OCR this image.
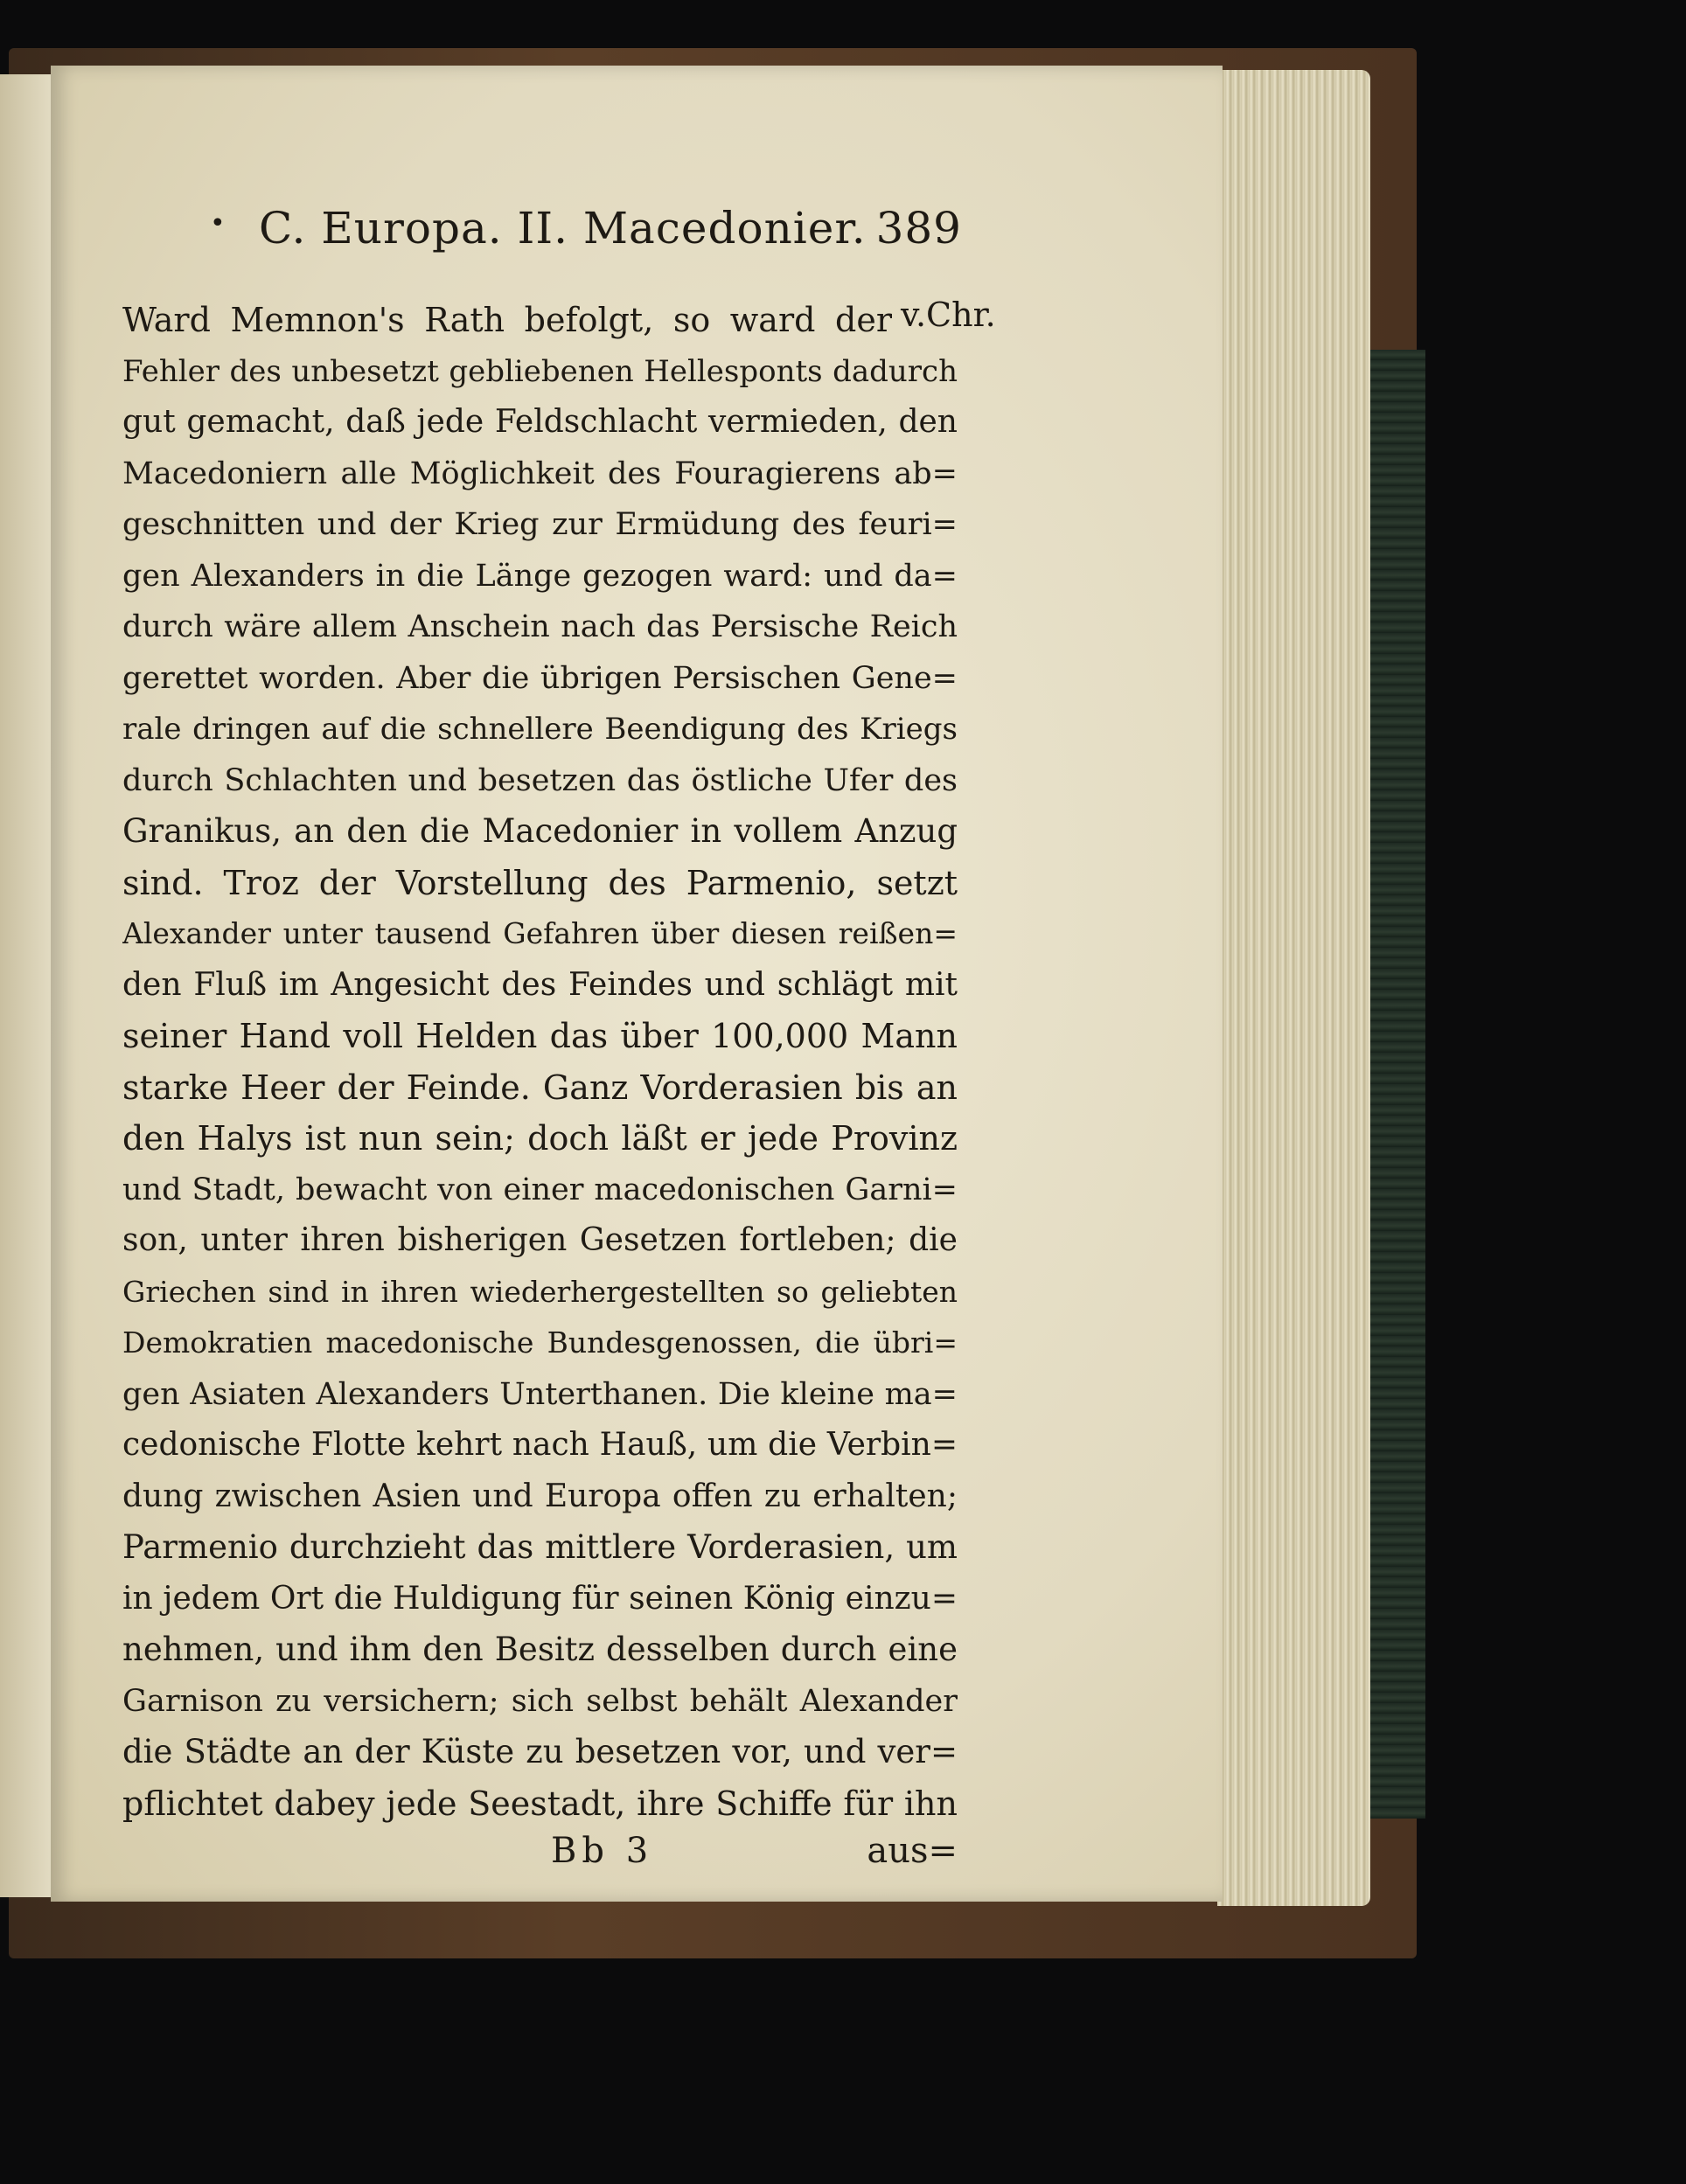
• C. Europa. II. Macedonier. 389
v.Chr.
Ward Memnon's Rath befolgt, so ward der
Fehler des unbesetzt gebliebenen Hellesponts dadurch
gut gemacht, daß jede Feldschlacht vermieden, den
Macedoniern alle Möglichkeit des Fouragierens ab=
geschnitten und der Krieg zur Ermüdung des feuri=
gen Alexanders in die Länge gezogen ward: und da=
durch wäre allem Anschein nach das Persische Reich
gerettet worden. Aber die übrigen Persischen Gene=
rale dringen auf die schnellere Beendigung des Kriegs
durch Schlachten und besetzen das östliche Ufer des
Granikus, an den die Macedonier in vollem Anzug
sind. Troz der Vorstellung des Parmenio, setzt
Alexander unter tausend Gefahren über diesen reißen=
den Fluß im Angesicht des Feindes und schlägt mit
seiner Hand voll Helden das über 100,000 Mann
starke Heer der Feinde. Ganz Vorderasien bis an
den Halys ist nun sein; doch läßt er jede Provinz
und Stadt, bewacht von einer macedonischen Garni=
son, unter ihren bisherigen Gesetzen fortleben; die
Griechen sind in ihren wiederhergestellten so geliebten
Demokratien macedonische Bundesgenossen, die übri=
gen Asiaten Alexanders Unterthanen. Die kleine ma=
cedonische Flotte kehrt nach Hauß, um die Verbin=
dung zwischen Asien und Europa offen zu erhalten;
Parmenio durchzieht das mittlere Vorderasien, um
in jedem Ort die Huldigung für seinen König einzu=
nehmen, und ihm den Besitz desselben durch eine
Garnison zu versichern; sich selbst behält Alexander
die Städte an der Küste zu besetzen vor, und ver=
pflichtet dabey jede Seestadt, ihre Schiffe für ihn
Bb 3	aus=
